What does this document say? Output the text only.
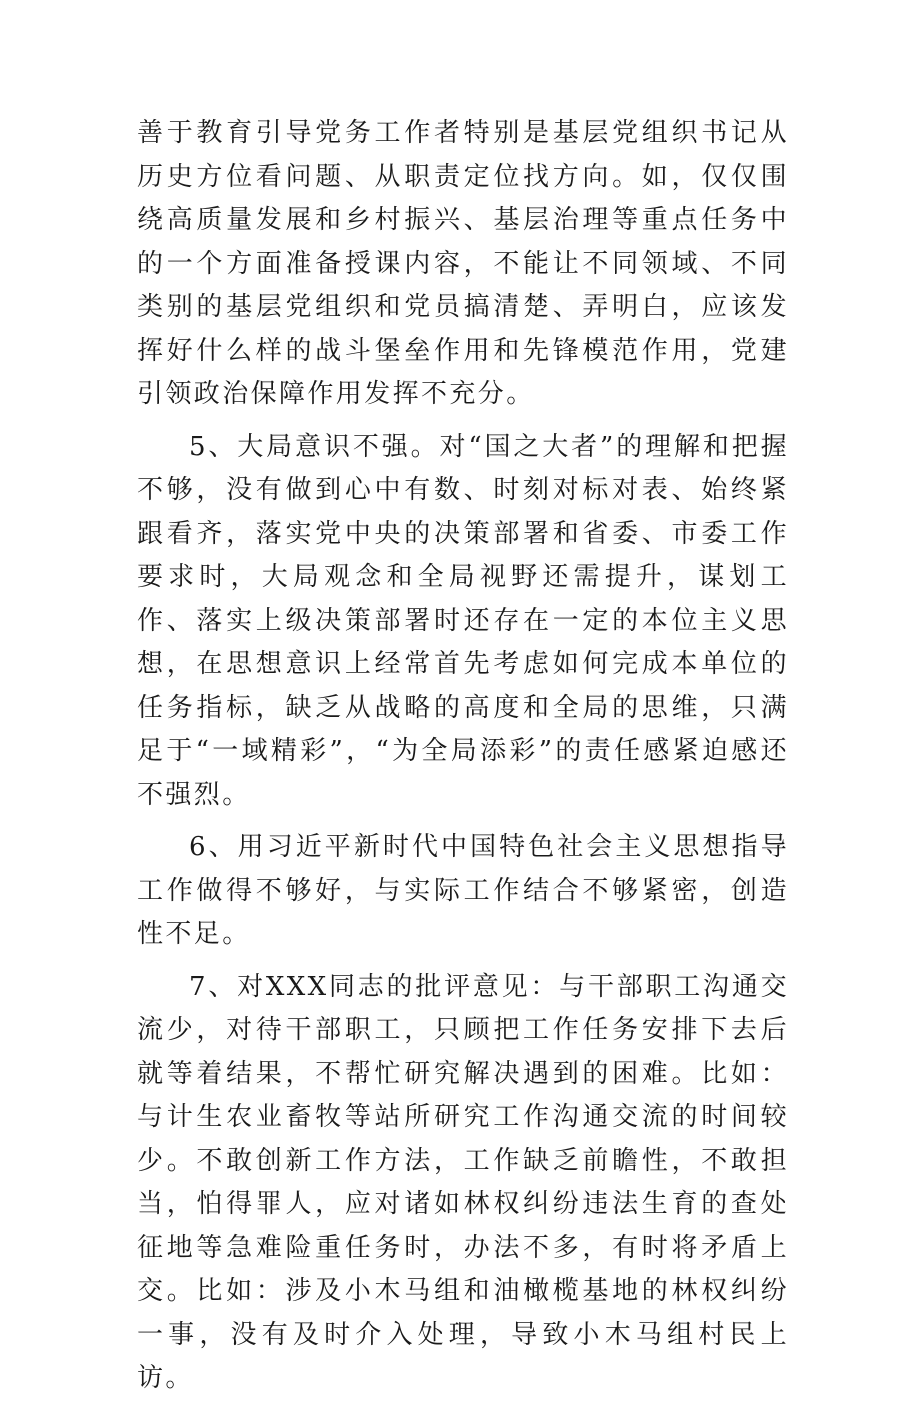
善于教育引导党务工作者特别是基层党组织书记从历史方位看问题、从职责定位找方向。如，仅仅围绕高质量发展和乡村振兴、基层治理等重点任务中的一个方面准备授课内容，不能让不同领域、不同类别的基层党组织和党员搞清楚、弄明白，应该发挥好什么样的战斗堡垒作用和先锋模范作用，党建引领政治保障作用发挥不充分。

5、大局意识不强。对“国之大者”的理解和把握不够，没有做到心中有数、时刻对标对表、始终紧跟看齐，落实党中央的决策部署和省委、市委工作要求时，大局观念和全局视野还需提升，谋划工作、落实上级决策部署时还存在一定的本位主义思想，在思想意识上经常首先考虑如何完成本单位的任务指标，缺乏从战略的高度和全局的思维，只满足于“一域精彩”，“为全局添彩”的责任感紧迫感还不强烈。

6、用习近平新时代中国特色社会主义思想指导工作做得不够好，与实际工作结合不够紧密，创造性不足。

7、对XXX同志的批评意见：与干部职工沟通交流少，对待干部职工，只顾把工作任务安排下去后就等着结果，不帮忙研究解决遇到的困难。比如：与计生农业畜牧等站所研究工作沟通交流的时间较少。不敢创新工作方法，工作缺乏前瞻性，不敢担当，怕得罪人，应对诸如林权纠纷违法生育的查处征地等急难险重任务时，办法不多，有时将矛盾上交。比如：涉及小木马组和油橄榄基地的林权纠纷一事，没有及时介入处理，导致小木马组村民上访。
